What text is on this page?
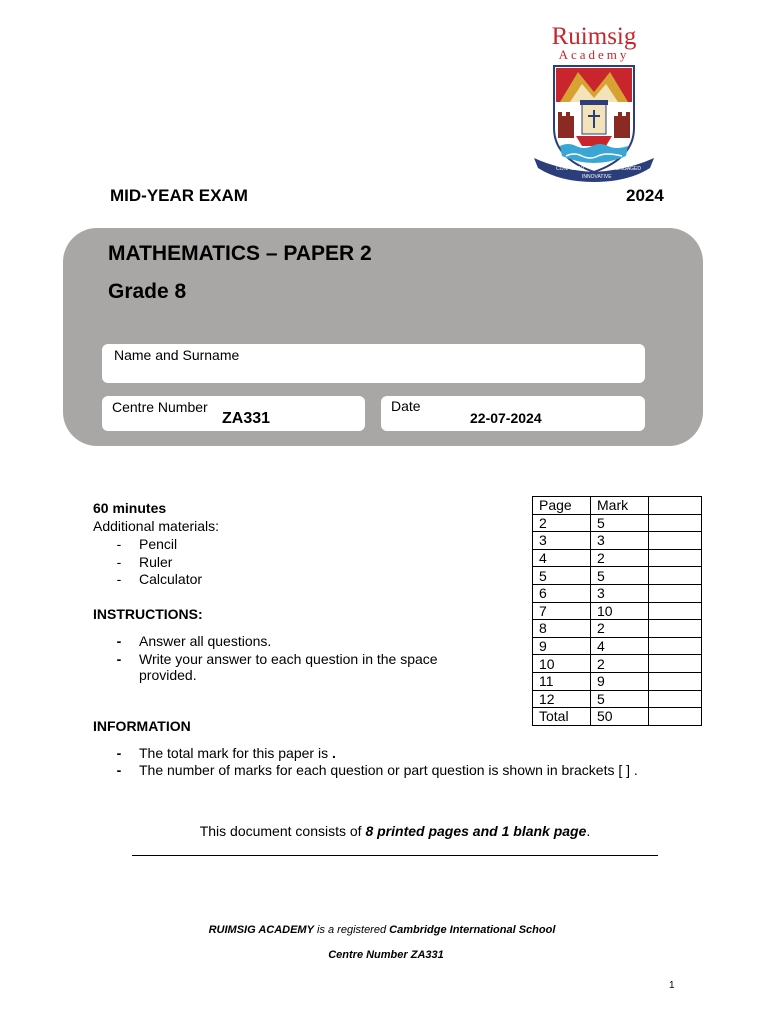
Ruimsig
Academy
CONFIDENT
INNOVATIVE
ENGAGED
MID-YEAR EXAM	2024
MATHEMATICS – PAPER 2
Grade 8
Name and Surname
Centre Number
ZA331
Date
22-07-2024
60 minutes
Additional materials:
-	Pencil
-	Ruler
-	Calculator
INSTRUCTIONS:
-	Answer all questions.
-	Write your answer to each question in the space
provided.
INFORMATION
-	The total mark for this paper is .
-	The number of marks for each question or part question is shown in brackets [ ] .
Page	Mark	
2	5	
3	3	
4	2	
5	5	
6	3	
7	10	
8	2	
9	4	
10	2	
11	9	
12	5	
Total	50	
This document consists of 8 printed pages and 1 blank page.
RUIMSIG ACADEMY is a registered Cambridge International School
Centre Number ZA331
1
